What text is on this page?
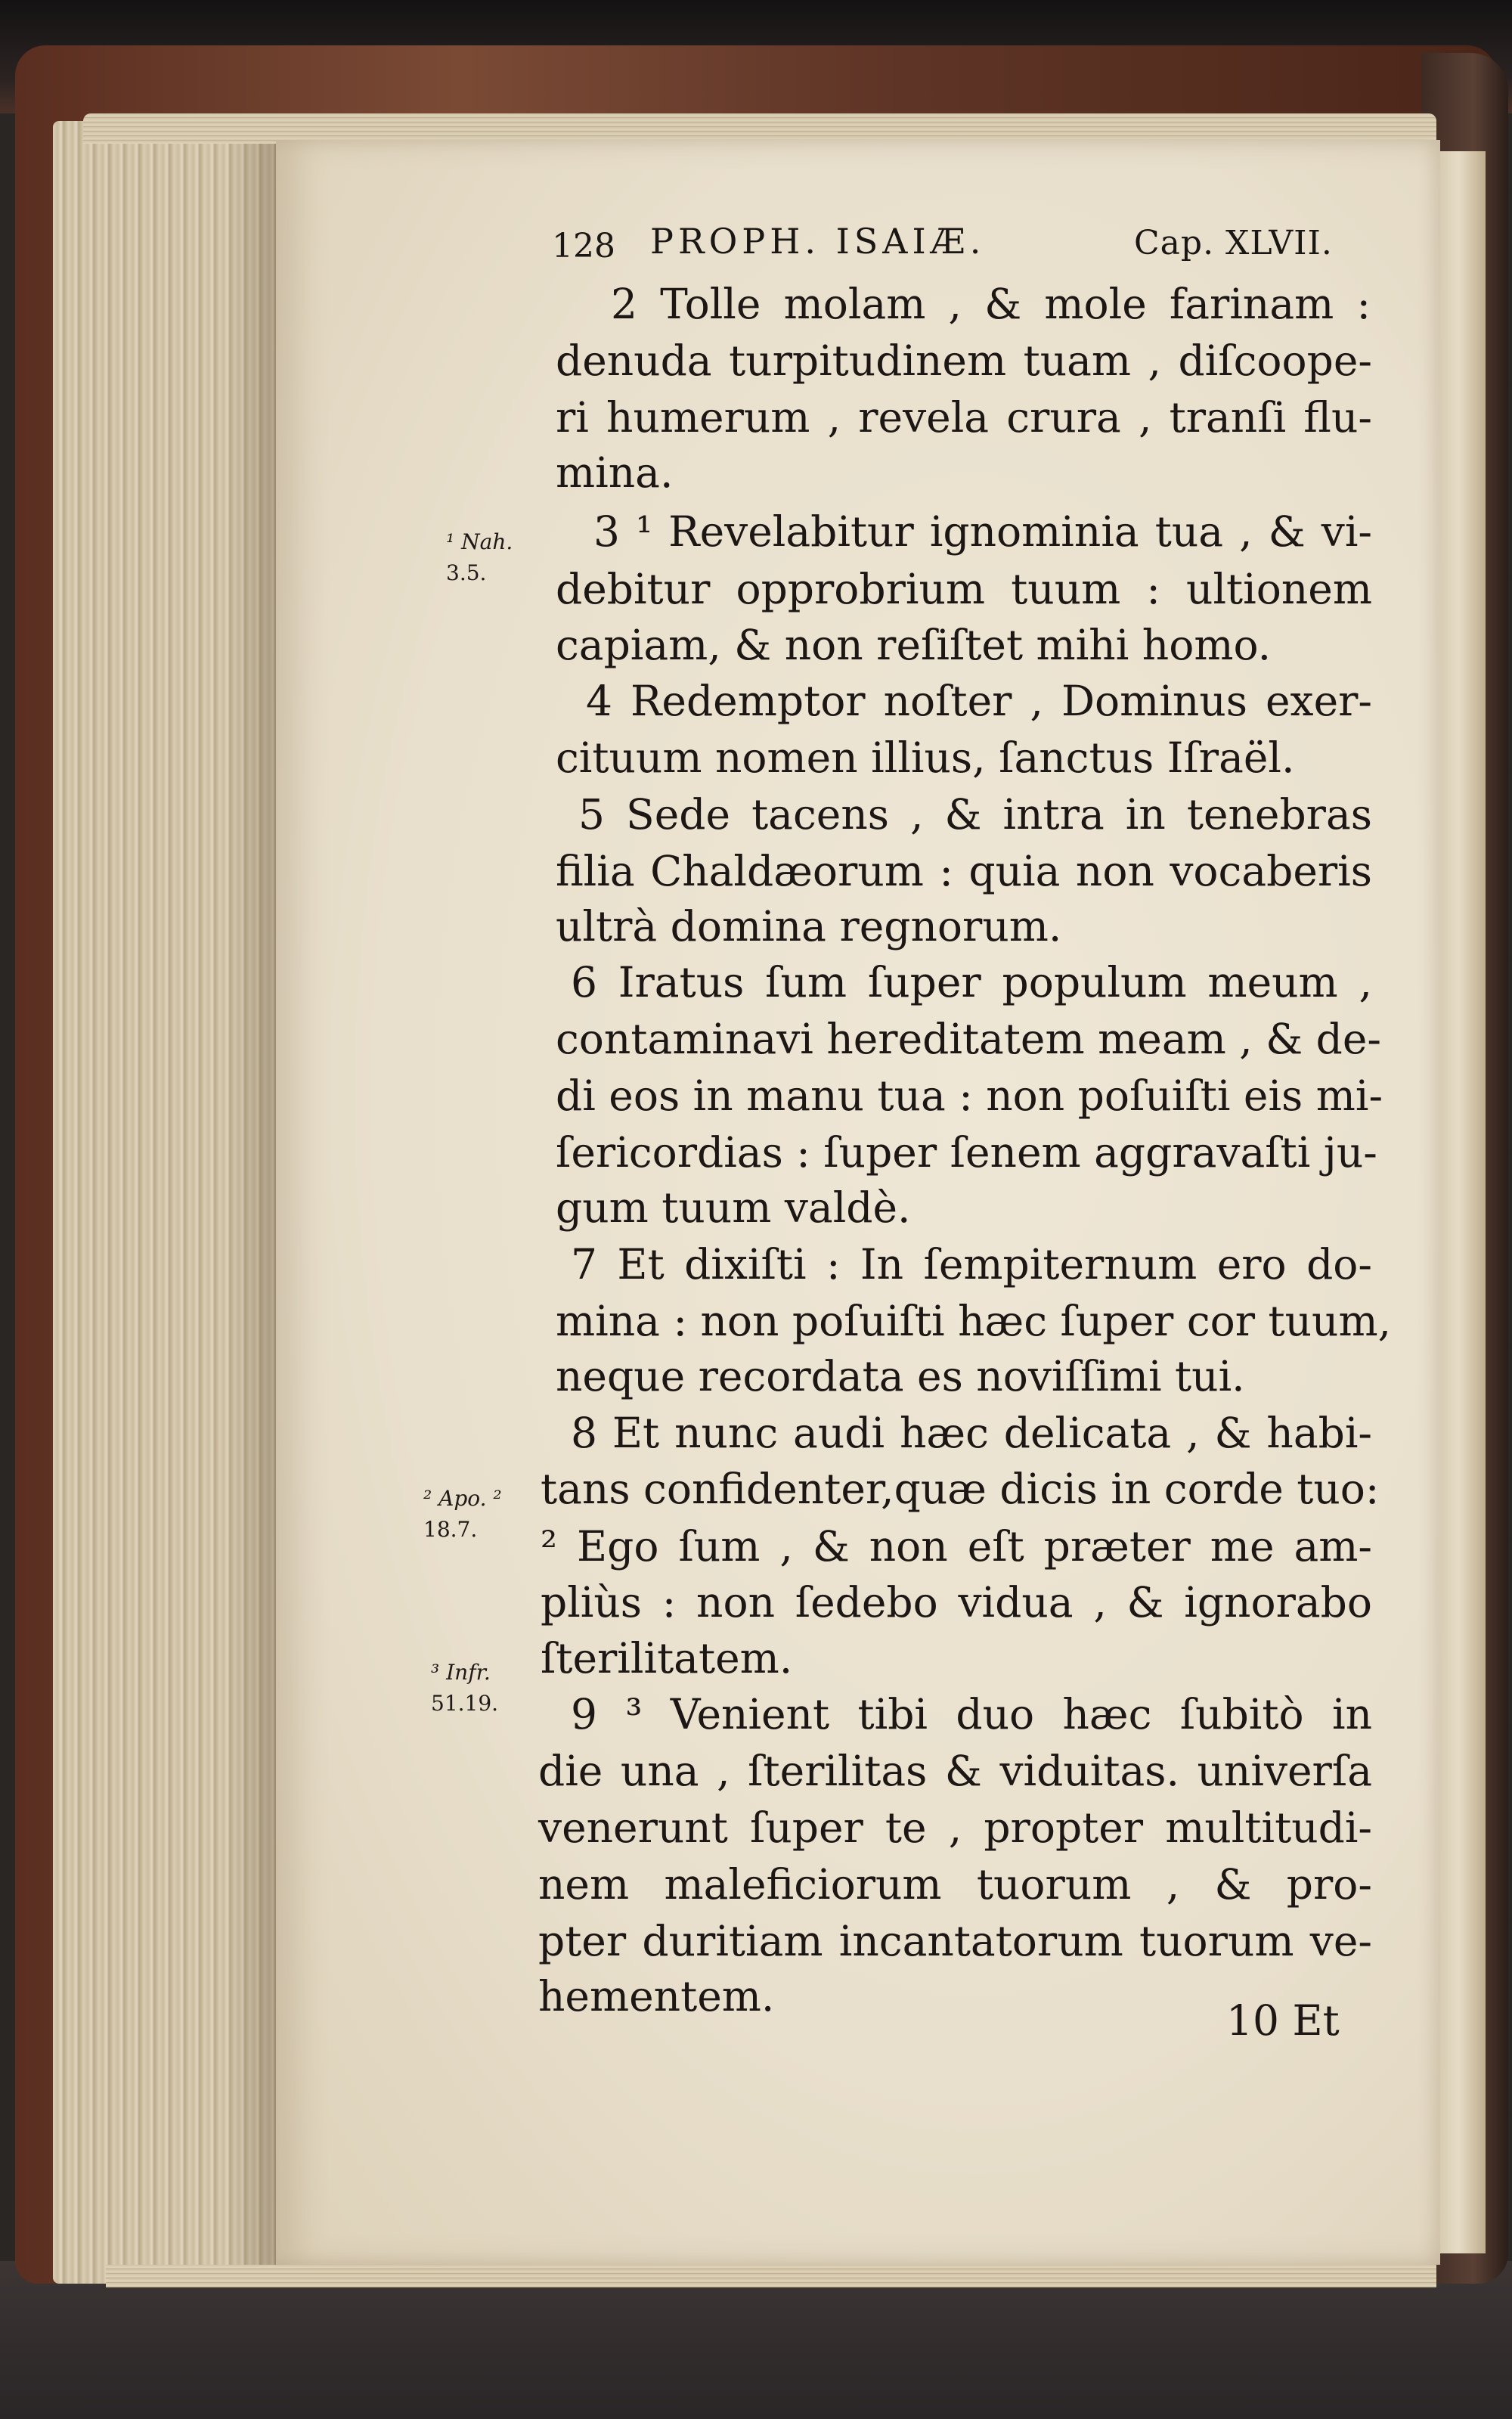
128 PROPH. ISAIÆ.	Cap. XLVII.
¹ Nah.
3.5.
² Apo. ²
18.7.
³ Infr.
51.19.
2 Tolle molam , & mole farinam :
denuda turpitudinem tuam , diſcoope-
ri humerum , revela crura , tranſi flu-
mina.
3 ¹ Revelabitur ignominia tua , & vi-
debitur opprobrium tuum : ultionem
capiam, & non reſiſtet mihi homo.
4 Redemptor noſter , Dominus exer-
cituum nomen illius, ſanctus Iſraël.
5 Sede tacens , & intra in tenebras
filia Chaldæorum : quia non vocaberis
ultrà domina regnorum.
6 Iratus ſum ſuper populum meum ,
contaminavi hereditatem meam , & de-
di eos in manu tua : non poſuiſti eis mi-
ſericordias : ſuper ſenem aggravaſti ju-
gum tuum valdè.
7 Et dixiſti : In ſempiternum ero do-
mina : non poſuiſti hæc ſuper cor tuum,
neque recordata es noviſſimi tui.
8 Et nunc audi hæc delicata , & habi-
tans confidenter,quæ dicis in corde tuo:
² Ego ſum , & non eſt præter me am-
pliùs : non ſedebo vidua , & ignorabo
ſterilitatem.
9 ³ Venient tibi duo hæc ſubitò in
die una , ſterilitas & viduitas. univerſa
venerunt ſuper te , propter multitudi-
nem maleficiorum tuorum , & pro-
pter duritiam incantatorum tuorum ve-
hementem.	10 Et
